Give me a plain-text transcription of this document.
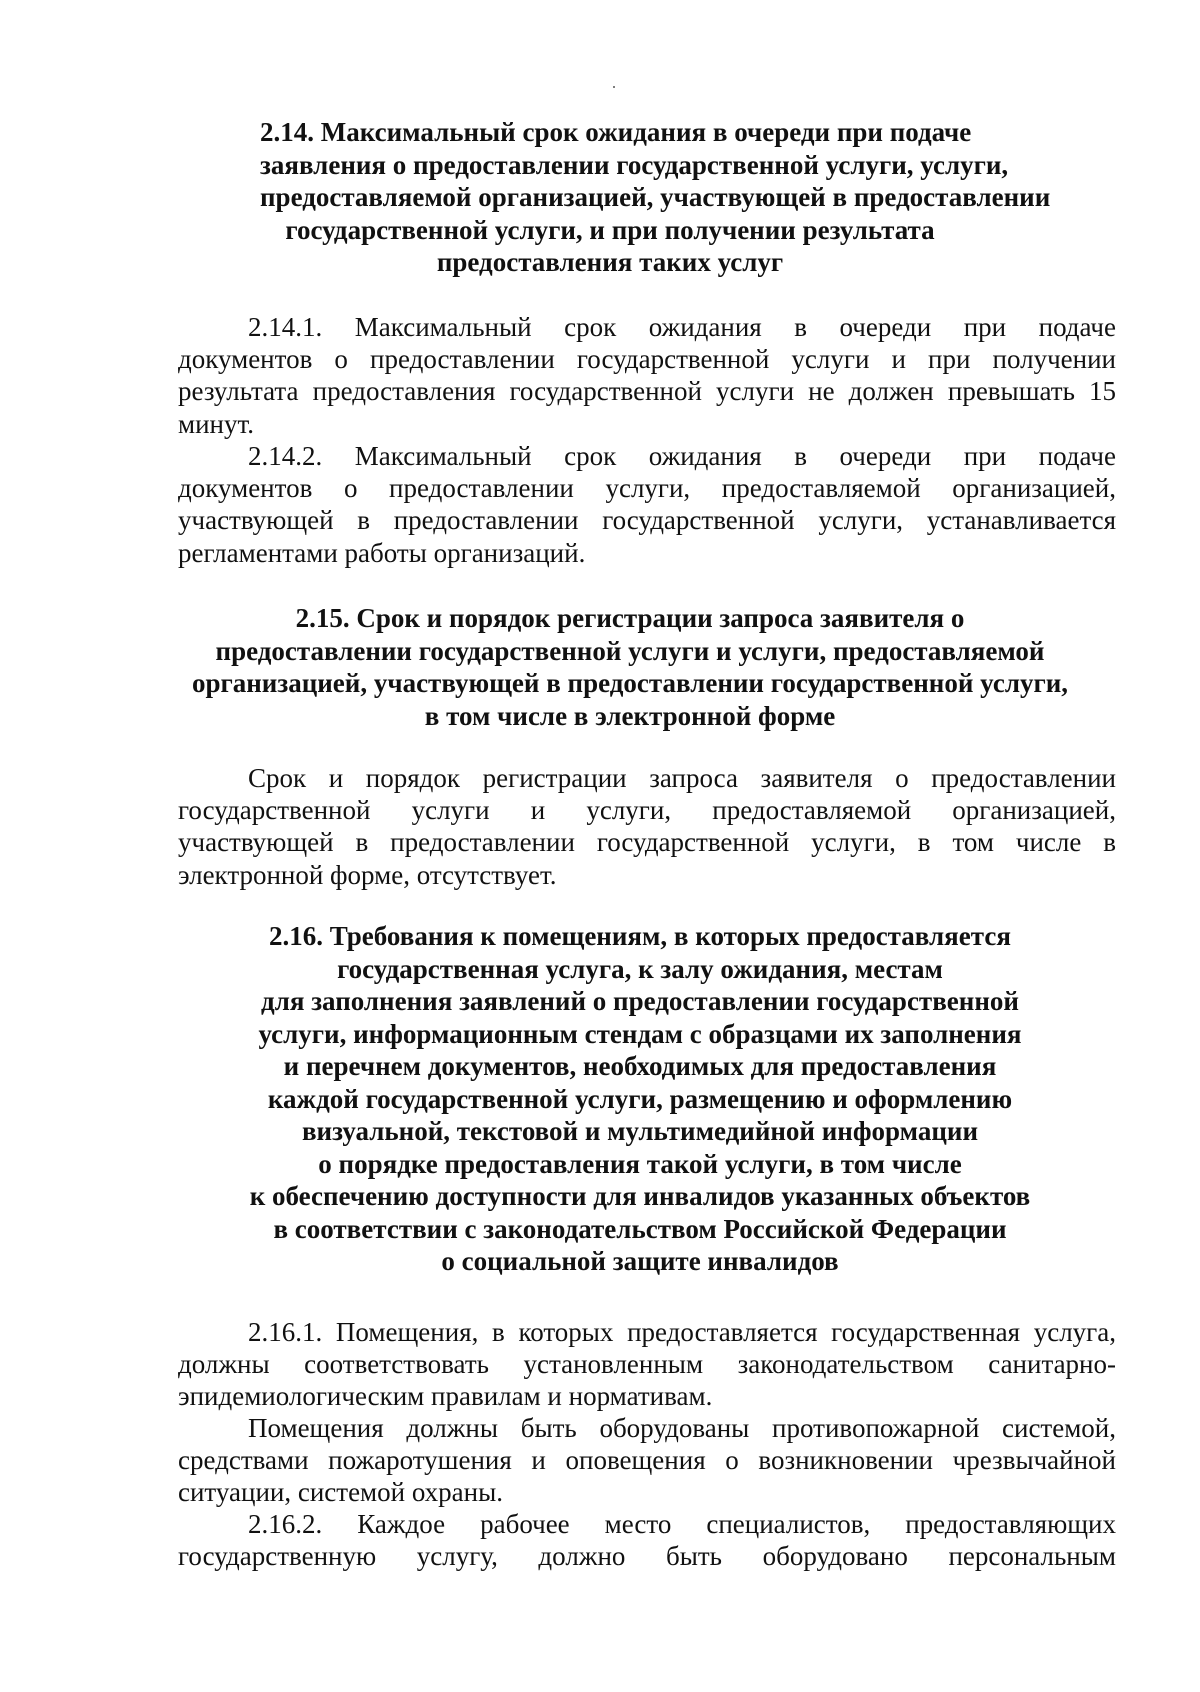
2.14. Максимальный срок ожидания в очереди при подаче
заявления о предоставлении государственной услуги, услуги,
предоставляемой организацией, участвующей в предоставлении
государственной услуги, и при получении результата
предоставления таких услуг
2.14.1. Максимальный срок ожидания в очереди при подаче
документов о предоставлении государственной услуги и при получении
результата предоставления государственной услуги не должен превышать 15
минут.
2.14.2. Максимальный срок ожидания в очереди при подаче
документов о предоставлении услуги, предоставляемой организацией,
участвующей в предоставлении государственной услуги, устанавливается
регламентами работы организаций.
2.15. Срок и порядок регистрации запроса заявителя о
предоставлении государственной услуги и услуги, предоставляемой
организацией, участвующей в предоставлении государственной услуги,
в том числе в электронной форме
Срок и порядок регистрации запроса заявителя о предоставлении
государственной услуги и услуги, предоставляемой организацией,
участвующей в предоставлении государственной услуги, в том числе в
электронной форме, отсутствует.
2.16. Требования к помещениям, в которых предоставляется
государственная услуга, к залу ожидания, местам
для заполнения заявлений о предоставлении государственной
услуги, информационным стендам с образцами их заполнения
и перечнем документов, необходимых для предоставления
каждой государственной услуги, размещению и оформлению
визуальной, текстовой и мультимедийной информации
о порядке предоставления такой услуги, в том числе
к обеспечению доступности для инвалидов указанных объектов
в соответствии с законодательством Российской Федерации
о социальной защите инвалидов
2.16.1. Помещения, в которых предоставляется государственная услуга,
должны соответствовать установленным законодательством санитарно-
эпидемиологическим правилам и нормативам.
Помещения должны быть оборудованы противопожарной системой,
средствами пожаротушения и оповещения о возникновении чрезвычайной
ситуации, системой охраны.
2.16.2. Каждое рабочее место специалистов, предоставляющих
государственную услугу, должно быть оборудовано персональным
